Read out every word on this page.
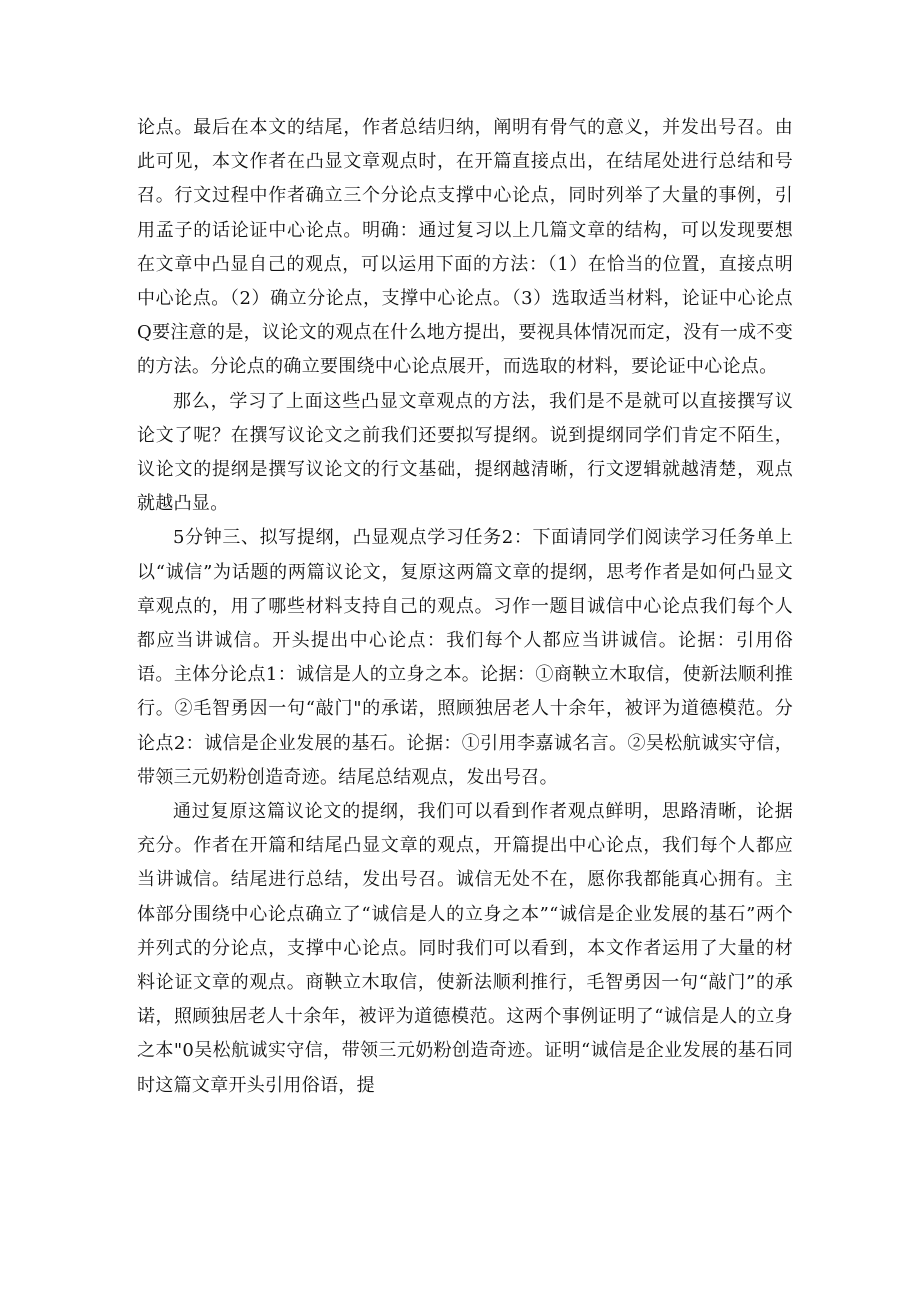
论点。最后在本文的结尾，作者总结归纳，阐明有骨气的意义，并发出号召。由此可见，本文作者在凸显文章观点时，在开篇直接点出，在结尾处进行总结和号召。行文过程中作者确立三个分论点支撑中心论点，同时列举了大量的事例，引用孟子的话论证中心论点。明确：通过复习以上几篇文章的结构，可以发现要想在文章中凸显自己的观点，可以运用下面的方法：（1）在恰当的位置，直接点明中心论点。（2）确立分论点，支撑中心论点。（3）选取适当材料，论证中心论点Q要注意的是，议论文的观点在什么地方提出，要视具体情况而定，没有一成不变的方法。分论点的确立要围绕中心论点展开，而选取的材料，要论证中心论点。

那么，学习了上面这些凸显文章观点的方法，我们是不是就可以直接撰写议论文了呢？在撰写议论文之前我们还要拟写提纲。说到提纲同学们肯定不陌生，议论文的提纲是撰写议论文的行文基础，提纲越清晰，行文逻辑就越清楚，观点就越凸显。

5分钟三、拟写提纲，凸显观点学习任务2：下面请同学们阅读学习任务单上以“诚信”为话题的两篇议论文，复原这两篇文章的提纲，思考作者是如何凸显文章观点的，用了哪些材料支持自己的观点。习作一题目诚信中心论点我们每个人都应当讲诚信。开头提出中心论点：我们每个人都应当讲诚信。论据：引用俗语。主体分论点1：诚信是人的立身之本。论据：①商鞅立木取信，使新法顺利推行。②毛智勇因一句“敲门"的承诺，照顾独居老人十余年，被评为道德模范。分论点2：诚信是企业发展的基石。论据：①引用李嘉诚名言。②吴松航诚实守信，带领三元奶粉创造奇迹。结尾总结观点，发出号召。

通过复原这篇议论文的提纲，我们可以看到作者观点鲜明，思路清晰，论据充分。作者在开篇和结尾凸显文章的观点，开篇提出中心论点，我们每个人都应当讲诚信。结尾进行总结，发出号召。诚信无处不在，愿你我都能真心拥有。主体部分围绕中心论点确立了“诚信是人的立身之本”“诚信是企业发展的基石”两个并列式的分论点，支撑中心论点。同时我们可以看到，本文作者运用了大量的材料论证文章的观点。商鞅立木取信，使新法顺利推行，毛智勇因一句“敲门”的承诺，照顾独居老人十余年，被评为道德模范。这两个事例证明了“诚信是人的立身之本"0吴松航诚实守信，带领三元奶粉创造奇迹。证明“诚信是企业发展的基石同时这篇文章开头引用俗语，提
